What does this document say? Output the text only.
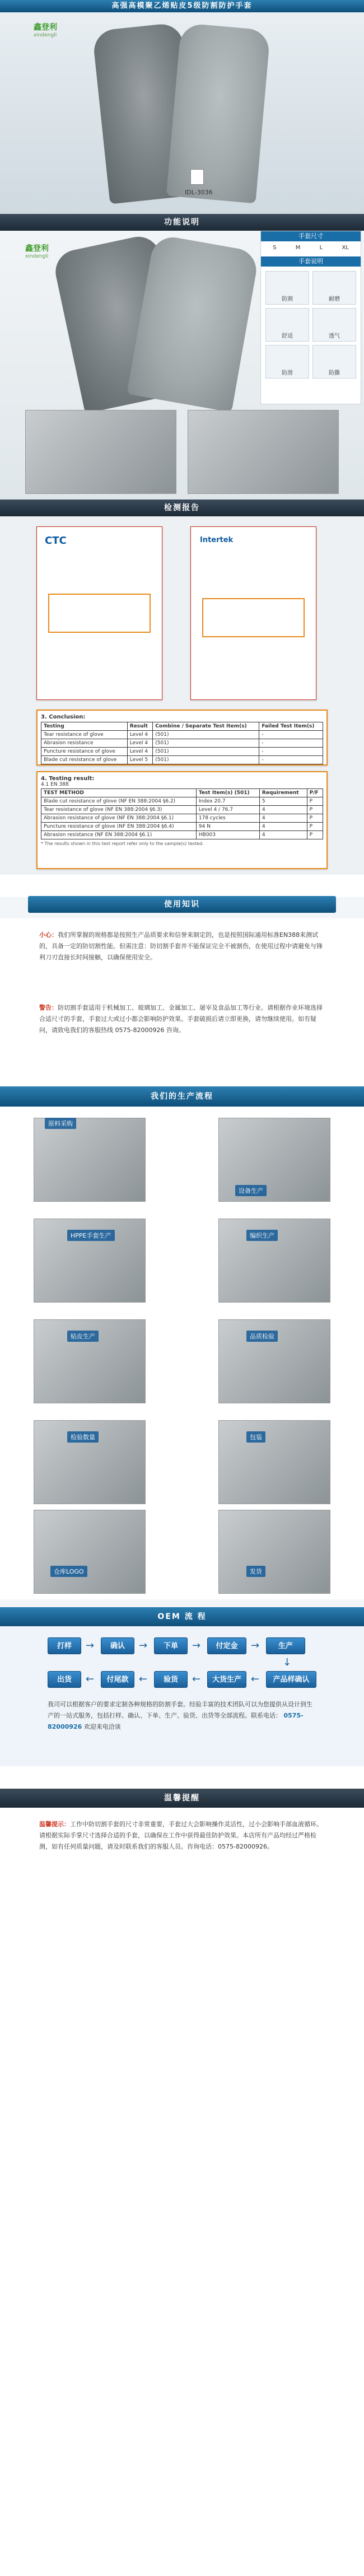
高强高模聚乙烯贴皮5级防割防护手套
鑫登利
xindengli
IDL-3036
功能说明
鑫登利
xindengli
手套尺寸
S	M	L	XL
手套说明
防割	耐磨
舒适	透气
防滑	防撕
检测报告
CTC	Intertek
3. Conclusion:
Testing	Result	Combine / Separate Test Item(s)	Failed Test Item(s)
Tear resistance of glove	Level 4	(501)	-
Abrasion resistance	Level 4	(501)	-
Puncture resistance of glove	Level 4	(501)	-
Blade cut resistance of glove	Level 5	(501)	-
4. Testing result:
4.1 EN 388
TEST METHOD	Test Item(s) (501)	Requirement	P/F
Blade cut resistance of glove (NF EN 388:2004 §6.2)	Index 20.7	5	P
Tear resistance of glove (NF EN 388:2004 §6.3)	Level 4 / 76.7	4	P
Abrasion resistance of glove (NF EN 388:2004 §6.1)	178 cycles	4	P
Puncture resistance of glove (NF EN 388:2004 §6.4)	94 N	4	P
Abrasion resistance (NF EN 388:2004 §6.1)	HB003	4	P
* The results shown in this test report refer only to the sample(s) tested.
使用知识

小心：我们所掌握的规格都是按照生产品质要求和信誉来制定的，也是按照国际通用标准EN388来测试的，具备一定的防切割性能。但需注意：防切割手套并不能保证完全不被割伤，在使用过程中请避免与锋利刀刃直接长时间接触，以确保使用安全。

警告：防切割手套适用于机械加工、玻璃加工、金属加工、屠宰及食品加工等行业。请根据作业环境选择合适尺寸的手套，手套过大或过小都会影响防护效果。手套破损后请立即更换，请勿继续使用。如有疑问，请致电我们的客服热线 0575-82000926 咨询。

我们的生产流程
设备生产
HPPE手套生产	编织生产
贴皮生产	品质检验
检验数量	包装
仓库LOGO	发货
原料采购
OEM 流 程
打样	→	确认	→	下单	→	付定金	→	生产
↓
出货	←	付尾款	←	验货	←	大货生产 ←	产品样确认

我司可以根据客户的要求定制各种规格的防割手套。经验丰富的技术团队可以为您提供从设计到生产的一站式服务，包括打样、确认、下单、生产、验货、出货等全部流程。联系电话： 0575-82000926 欢迎来电洽谈

温馨提醒

温馨提示：工作中防切割手套的尺寸非常重要，手套过大会影响操作灵活性，过小会影响手部血液循环。请根据实际手掌尺寸选择合适的手套，以确保在工作中获得最佳防护效果。本店所有产品均经过严格检测，如有任何质量问题，请及时联系我们的客服人员。咨询电话：0575-82000926。
